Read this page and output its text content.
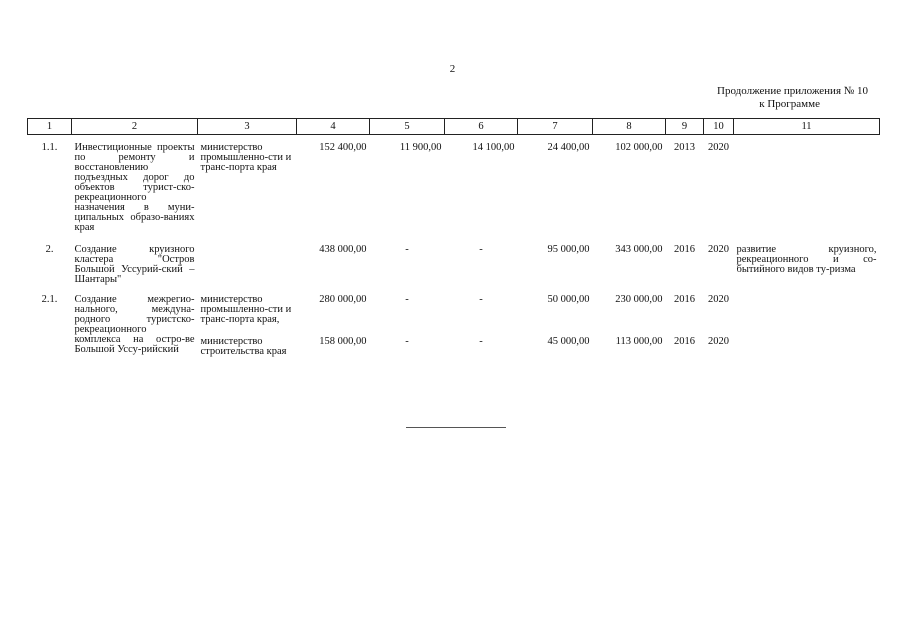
2
Продолжение приложения № 10
к Программе
1	2	3	4	5	6	7	8	9	10	11

1.1.	Инвестиционные проекты по ремонту и восстановлению подъездных дорог до объектов турист-ско-рекреационного назначения в муни-ципальных образо-ваниях края	министерство промышленно-сти и транс-порта края	152 400,00	11 900,00	14 100,00	24 400,00	102 000,00	2013	2020	

2.	Создание круизного кластера "Остров Большой Уссурий-ский – Шантары"		438 000,00	-	-	95 000,00	343 000,00	2016	2020	развитие круизного, рекреационного и со-бытийного видов ту-ризма

2.1.	Создание межрегио-нального, междуна-родного туристско-рекреационного комплекса на остро-ве Большой Уссу-рийский	министерство промышленно-сти и транс-порта края,	280 000,00	-	-	50 000,00	230 000,00	2016	2020	

		министерство строительства края	158 000,00	-	-	45 000,00	113 000,00	2016	2020	
